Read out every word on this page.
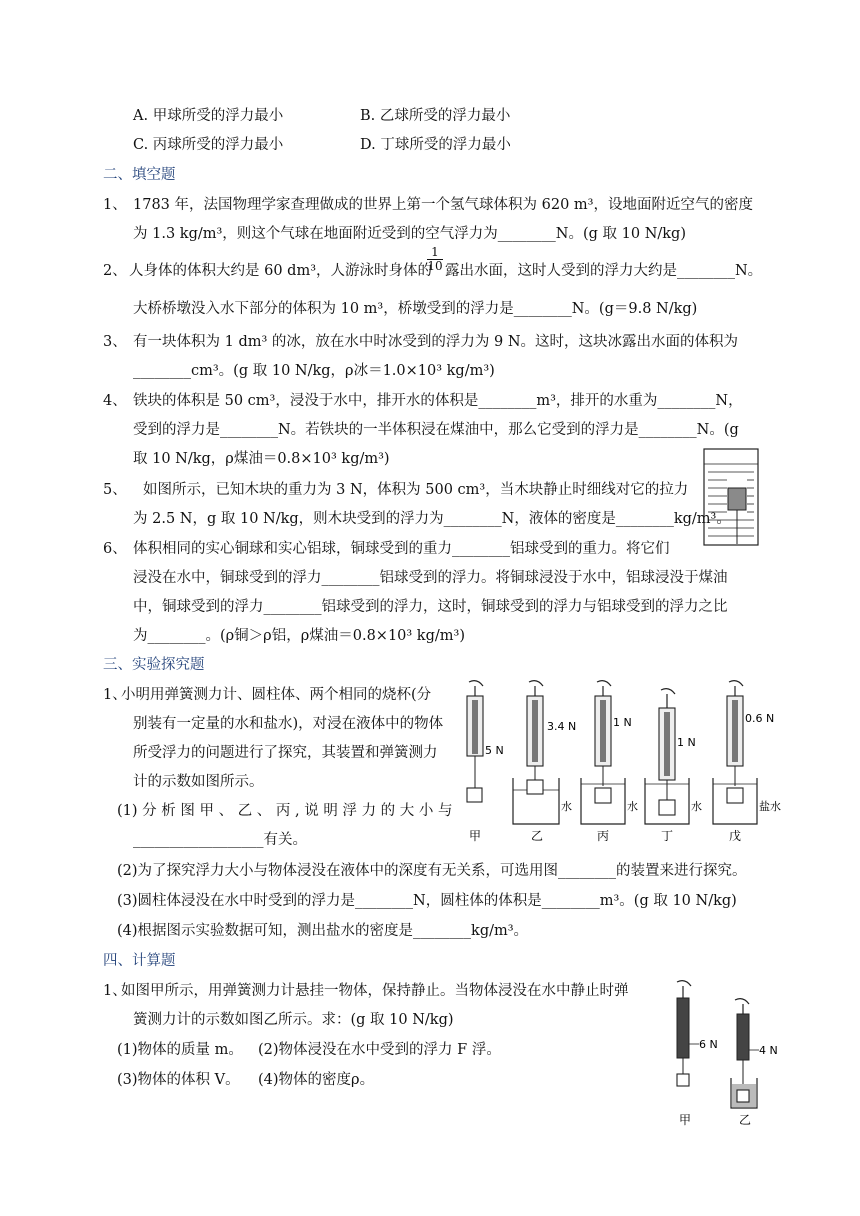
A. 甲球所受的浮力最小	B. 乙球所受的浮力最小
C. 丙球所受的浮力最小	D. 丁球所受的浮力最小
二、填空题
1、 1783 年，法国物理学家查理做成的世界上第一个氢气球体积为 620 m³，设地面附近空气的密度
为 1.3 kg/m³，则这个气球在地面附近受到的空气浮力为________N。(g 取 10 N/kg)
2、 人身体的体积大约是 60 dm³，人游泳时身体的
$\frac{1}{10}$ 露出水面，这时人受到的浮力大约是________N。
大桥桥墩没入水下部分的体积为 10 m³，桥墩受到的浮力是________N。(g＝9.8 N/kg)
3、 有一块体积为 1 dm³ 的冰，放在水中时冰受到的浮力为 9 N。这时，这块冰露出水面的体积为
________cm³。(g 取 10 N/kg，ρ冰＝1.0×10³ kg/m³)
4、 铁块的体积是 50 cm³，浸没于水中，排开水的体积是________m³，排开的水重为________N，
受到的浮力是________N。若铁块的一半体积浸在煤油中，那么它受到的浮力是________N。(g
取 10 N/kg，ρ煤油＝0.8×10³ kg/m³)
5、 如图所示，已知木块的重力为 3 N，体积为 500 cm³，当木块静止时细线对它的拉力
为 2.5 N，g 取 10 N/kg，则木块受到的浮力为________N，液体的密度是________kg/m³。
6、 体积相同的实心铜球和实心铝球，铜球受到的重力________铝球受到的重力。将它们
浸没在水中，铜球受到的浮力________铝球受到的浮力。将铜球浸没于水中，铝球浸没于煤油
中，铜球受到的浮力________铝球受到的浮力，这时，铜球受到的浮力与铝球受到的浮力之比
为________。(ρ铜＞ρ铝，ρ煤油＝0.8×10³ kg/m³)
三、实验探究题
1、
小明用弹簧测力计、圆柱体、两个相同的烧杯(分
别装有一定量的水和盐水)，对浸在液体中的物体
所受浮力的问题进行了探究，其装置和弹簧测力
计的示数如图所示。
(1) 分 析 图 甲 、 乙 、 丙 , 说 明 浮 力 的 大 小 与
__________________有关。
(2)为了探究浮力大小与物体浸没在液体中的深度有无关系，可选用图________的装置来进行探究。
(3)圆柱体浸没在水中时受到的浮力是________N，圆柱体的体积是________m³。(g 取 10 N/kg)
(4)根据图示实验数据可知，测出盐水的密度是________kg/m³。
5 N
3.4 N
水
1 N
水
1 N
水
0.6 N
盐水
甲	乙	丙	丁	戊
四、计算题
1、
如图甲所示，用弹簧测力计悬挂一物体，保持静止。当物体浸没在水中静止时弹
簧测力计的示数如图乙所示。求：(g 取 10 N/kg)
(1)物体的质量 m。 (2)物体浸没在水中受到的浮力 F 浮。
(3)物体的体积 V。 (4)物体的密度ρ。
6 N	4 N
甲	乙
